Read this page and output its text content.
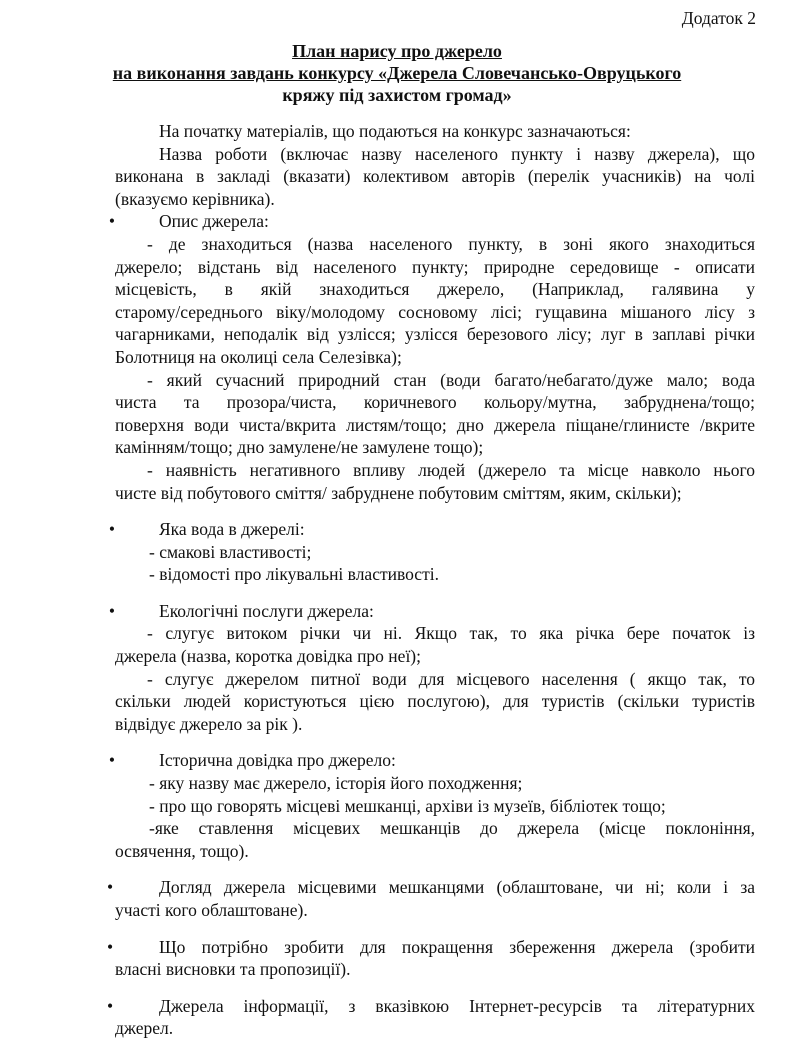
Додаток 2
План нарису про джерело
на виконання завдань конкурсу «Джерела Словечансько-Овруцького
кряжу під захистом громад»
На початку матеріалів, що подаються на конкурс зазначаються:
Назва роботи (включає назву населеного пункту і назву джерела), що
виконана в закладі (вказати) колективом авторів (перелік учасників) на чолі
(вказуємо керівника).
•	Опис джерела:
- де знаходиться (назва населеного пункту, в зоні якого знаходиться
джерело; відстань від населеного пункту; природне середовище - описати
місцевість, в якій знаходиться джерело, (Наприклад, галявина у
старому/середнього віку/молодому сосновому лісі; гущавина мішаного лісу з
чагарниками, неподалік від узлісся; узлісся березового лісу; луг в заплаві річки
Болотниця на околиці села Селезівка);
- який сучасний природний стан (води багато/небагато/дуже мало; вода
чиста та прозора/чиста, коричневого кольору/мутна, забруднена/тощо;
поверхня води чиста/вкрита листям/тощо; дно джерела піщане/глинисте /вкрите
камінням/тощо; дно замулене/не замулене тощо);
- наявність негативного впливу людей (джерело та місце навколо нього
чисте від побутового сміття/ забруднене побутовим сміттям, яким, скільки);
•	Яка вода в джерелі:
- смакові властивості;
- відомості про лікувальні властивості.
•	Екологічні послуги джерела:
- слугує витоком річки чи ні. Якщо так, то яка річка бере початок із
джерела (назва, коротка довідка про неї);
- слугує джерелом питної води для місцевого населення ( якщо так, то
скільки людей користуються цією послугою), для туристів (скільки туристів
відвідує джерело за рік ).
•	Історична довідка про джерело:
- яку назву має джерело, історія його походження;
- про що говорять місцеві мешканці, архіви із музеїв, бібліотек тощо;
-яке ставлення місцевих мешканців до джерела (місце поклоніння,
освячення, тощо).
•	Догляд джерела місцевими мешканцями (облаштоване, чи ні; коли і за
участі кого облаштоване).
•	Що потрібно зробити для покращення збереження джерела (зробити
власні висновки та пропозиції).
•	Джерела інформації, з вказівкою Інтернет-ресурсів та літературних
джерел.
